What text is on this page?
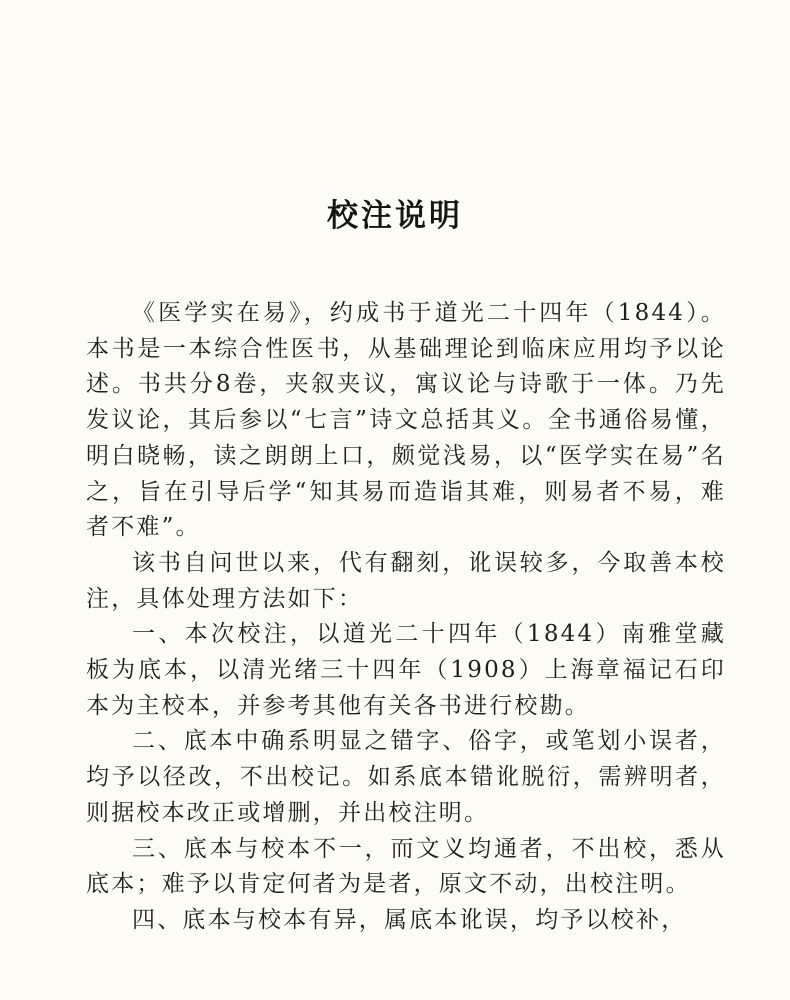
校注说明

《医学实在易》，约成书于道光二十四年（1844）。本书是一本综合性医书，从基础理论到临床应用均予以论述。书共分8卷，夹叙夹议，寓议论与诗歌于一体。乃先发议论，其后参以“七言”诗文总括其义。全书通俗易懂，明白晓畅，读之朗朗上口，颇觉浅易，以“医学实在易”名之，旨在引导后学“知其易而造诣其难，则易者不易，难者不难”。

该书自问世以来，代有翻刻，讹误较多，今取善本校注，具体处理方法如下：

一、本次校注，以道光二十四年（1844）南雅堂藏板为底本，以清光绪三十四年（1908）上海章福记石印本为主校本，并参考其他有关各书进行校勘。

二、底本中确系明显之错字、俗字，或笔划小误者，均予以径改，不出校记。如系底本错讹脱衍，需辨明者，则据校本改正或增删，并出校注明。

三、底本与校本不一，而文义均通者，不出校，悉从底本；难予以肯定何者为是者，原文不动，出校注明。

四、底本与校本有异，属底本讹误，均予以校补，
